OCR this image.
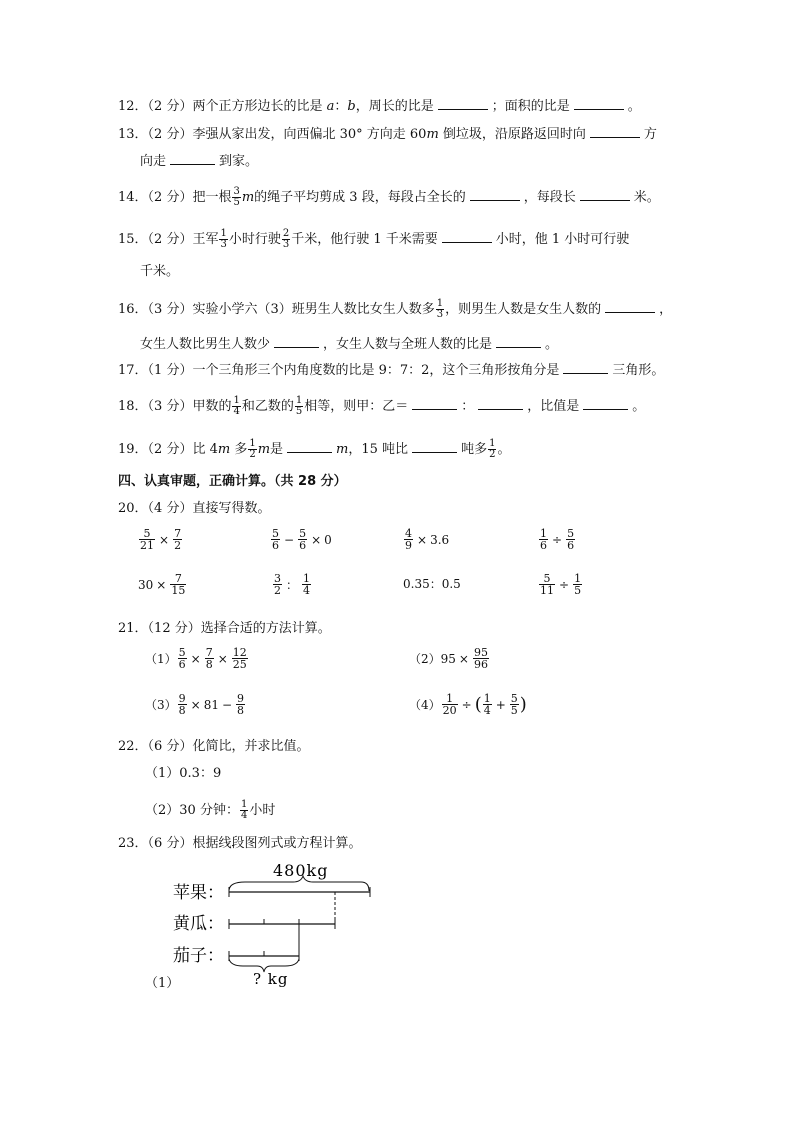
12．（2 分）两个正方形边长的比是 a：b，周长的比是	；面积的比是	。
13．（2 分）李强从家出发，向西偏北 30° 方向走 60m 倒垃圾，沿原路返回时向	方
向走	到家。
14．（2 分）把一根 $\frac{3}{5}$ m的绳子平均剪成 3 段，每段占全长的	，每段长	米。
15．（2 分）王军 $\frac{1}{3}$ 小时行驶 $\frac{2}{3}$ 千米，他行驶 1 千米需要	小时，他 1 小时可行驶
千米。
16．（3 分）实验小学六（3）班男生人数比女生人数多 $\frac{1}{3}$ ，则男生人数是女生人数的	，
女生人数比男生人数少	，女生人数与全班人数的比是	。
17．（1 分）一个三角形三个内角度数的比是 9：7：2，这个三角形按角分是	三角形。
18．（3 分）甲数的 $\frac{1}{4}$ 和乙数的 $\frac{1}{5}$ 相等，则甲：乙＝	：	，比值是	。
19．（2 分）比 4m 多 $\frac{1}{2}$ m是	m，15 吨比	吨多 $\frac{1}{2}$ 。
四、认真审题，正确计算。（共 28 分）
20．（4 分）直接写得数。
$\frac{5}{21} \times \frac{7}{2}$	$\frac{5}{6} - \frac{5}{6} \times 0$	$\frac{4}{9} \times 3.6$	$\frac{1}{6} \div \frac{5}{6}$
$30 \times \frac{7}{15}$	$\frac{3}{2}$ ： $\frac{1}{4}$	0.35：0.5	$\frac{5}{11} \div \frac{1}{5}$
21．（12 分）选择合适的方法计算。
$(1) \frac{5}{6} \times \frac{7}{8} \times \frac{12}{25}$	$(2)95 \times \frac{95}{96}$
$(3) \frac{9}{8} \times 81 - \frac{9}{8}$	$(4) \frac{1}{20}$ ÷ ( $\frac{1}{4} + \frac{5}{5}$ )
22．（6 分）化简比，并求比值。
（1）0.3：9
（2）30 分钟： $\frac{1}{4}$ 小时
23．（6 分）根据线段图列式或方程计算。
480kg
苹果：
黄瓜：
茄子：
? kg
（1）
